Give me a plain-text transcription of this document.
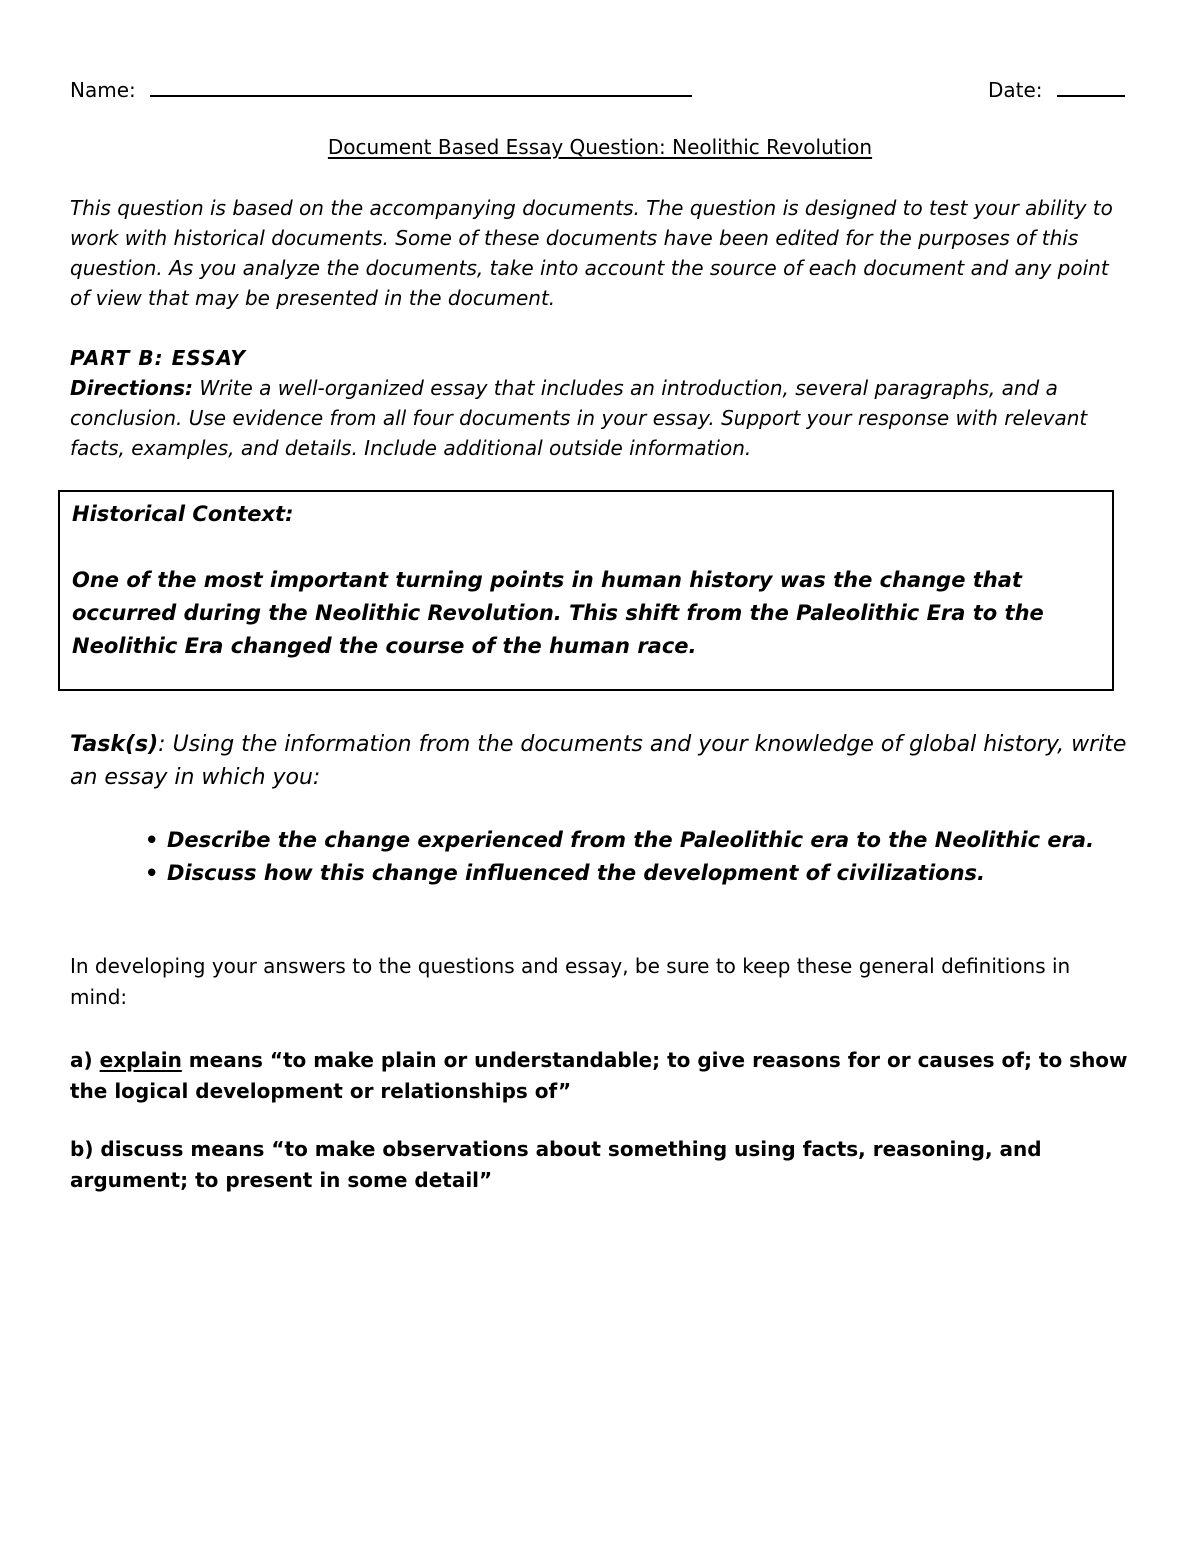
Name:	Date:
Document Based Essay Question: Neolithic Revolution
This question is based on the accompanying documents. The question is designed to test your ability to work with historical documents. Some of these documents have been edited for the purposes of this question. As you analyze the documents, take into account the source of each document and any point of view that may be presented in the document.
PART B: ESSAY
Directions: Write a well-organized essay that includes an introduction, several paragraphs, and a conclusion. Use evidence from all four documents in your essay. Support your response with relevant facts, examples, and details. Include additional outside information.
Historical Context:
One of the most important turning points in human history was the change that occurred during the Neolithic Revolution. This shift from the Paleolithic Era to the Neolithic Era changed the course of the human race.
Task(s): Using the information from the documents and your knowledge of global history, write an essay in which you:
• Describe the change experienced from the Paleolithic era to the Neolithic era.
• Discuss how this change influenced the development of civilizations.
In developing your answers to the questions and essay, be sure to keep these general definitions in mind:
a) explain means “to make plain or understandable; to give reasons for or causes of; to show the logical development or relationships of”
b) discuss means “to make observations about something using facts, reasoning, and argument; to present in some detail”
